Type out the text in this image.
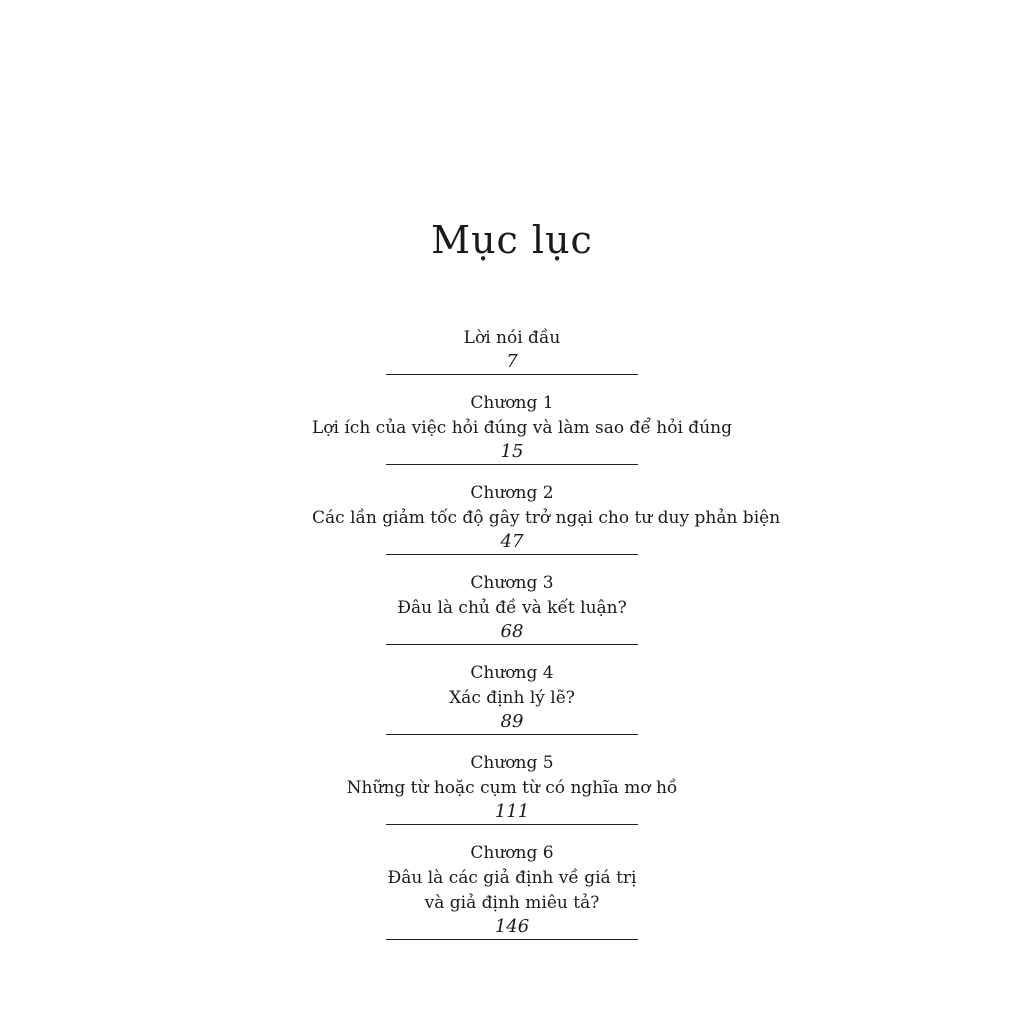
Mục lục
Lời nói đầu
7
Chương 1
Lợi ích của việc hỏi đúng và làm sao để hỏi đúng
15
Chương 2
Các lần giảm tốc độ gây trở ngại cho tư duy phản biện
47
Chương 3
Đâu là chủ đề và kết luận?
68
Chương 4
Xác định lý lẽ?
89
Chương 5
Những từ hoặc cụm từ có nghĩa mơ hồ
111
Chương 6
Đâu là các giả định về giá trị
và giả định miêu tả?
146
